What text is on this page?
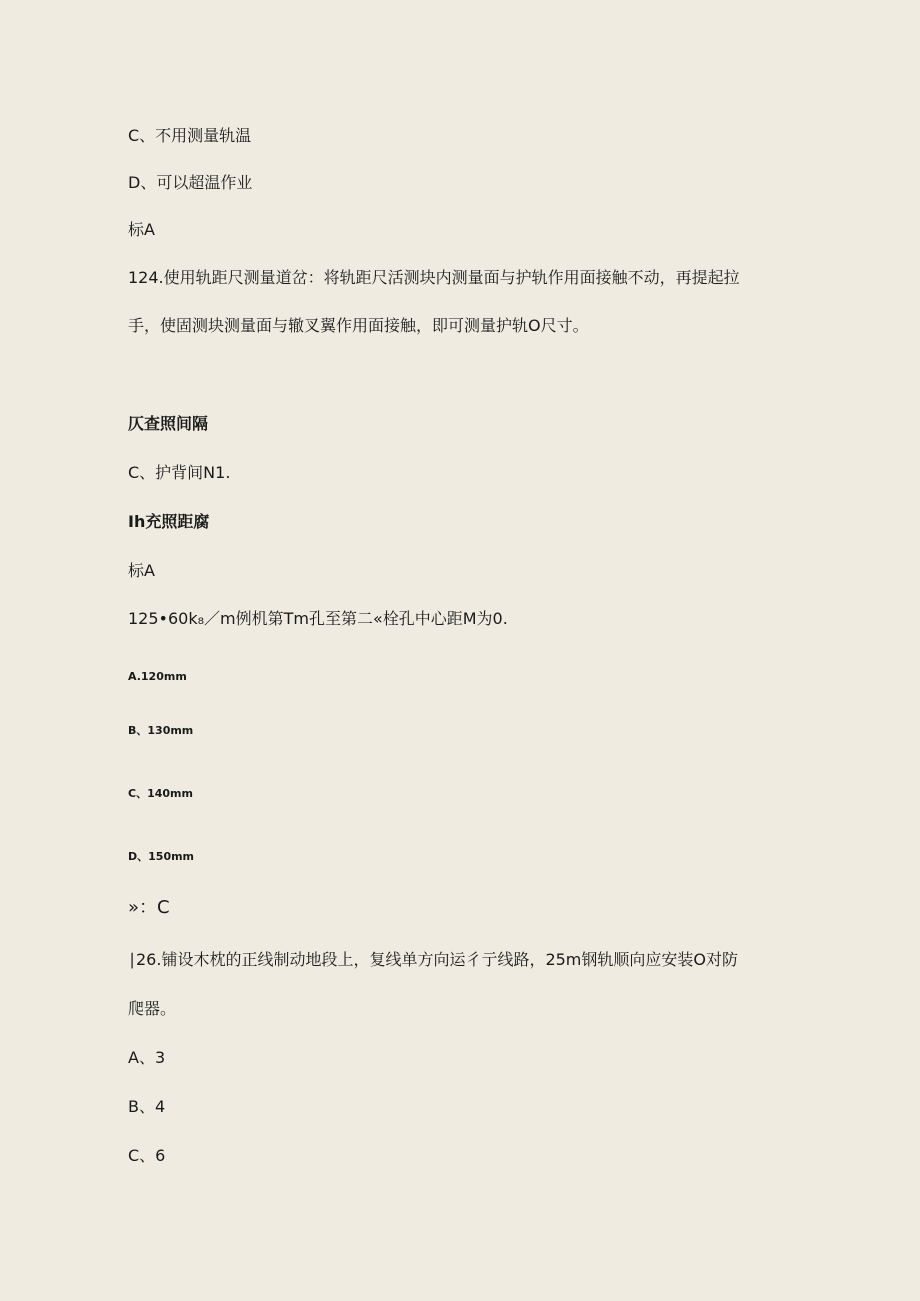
C、不用测量轨温
D、可以超温作业
标A
124.使用轨距尺测量道岔：将轨距尺活测块内测量面与护轨作用面接触不动，再提起拉
手，使固测块测量面与辙叉翼作用面接触，即可测量护轨O尺寸。
仄查照间隔
C、护背间N1.
Ih充照距腐
标A
125•60k₈／m例机第Tm孔至第二«栓孔中心距M为0.
A.120mm
B、130mm
C、140mm
D、150mm
»：C
∣26.铺设木枕的正线制动地段上，复线单方向运彳亍线路，25m钢轨顺向应安装O对防
爬器。
A、3
B、4
C、6
